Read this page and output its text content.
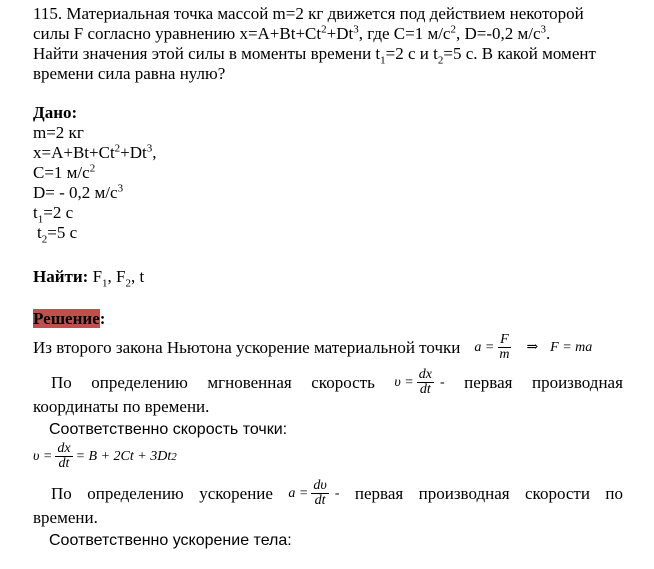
115. Материальная точка массой m=2 кг движется под действием некоторой

силы F согласно уравнению $x=A+Bt+Ct^2+Dt^3$, где C=1 $м/с^2$, D=-0,2 $м/с^3$.

Найти значения этой силы в моменты времени $t_1=2$ с и $t_2=5$ с. В какой момент

времени сила равна нулю?

Дано:

m=2 кг

$x=A+Bt+Ct^2+Dt^3$,

C=1 $м/с^2$

D= - 0,2 $м/с^3$

$t_1=2$ с

$t_2=5$ с

Найти: $F_1$, $F_2$, t

Решение:

Из второго закона Ньютона ускорение материальной точки $a = \frac{F}{m}$ ⇒ F = ma
По определению мгновенная скорость $\upsilon = \frac{dx}{dt}$ - первая производная

координаты по времени.

Соответственно скорость точки:

$\upsilon = \frac{dx}{dt} = B + 2Ct + 3Dt$ 2
По определению ускорение $a = \frac{d\upsilon}{dt}$ - первая производная скорости по

времени.

Соответственно ускорение тела:
